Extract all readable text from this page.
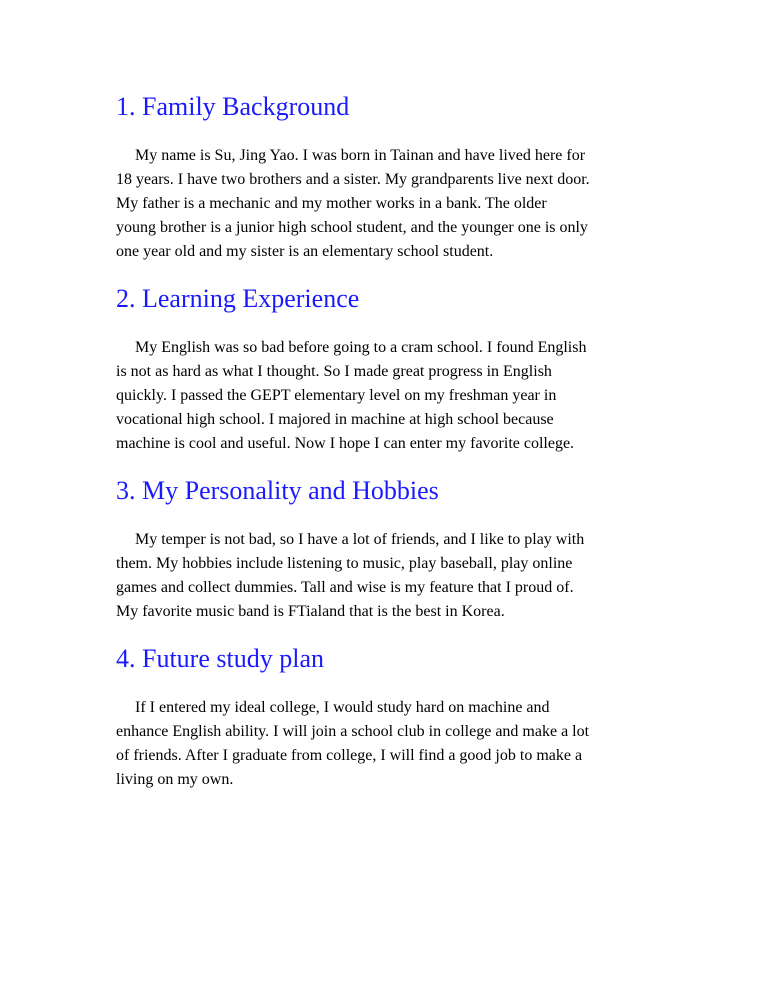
1. Family Background
My name is Su, Jing Yao. I was born in Tainan and have lived here for
18 years. I have two brothers and a sister. My grandparents live next door.
My father is a mechanic and my mother works in a bank. The older
young brother is a junior high school student, and the younger one is only
one year old and my sister is an elementary school student.
2. Learning Experience
My English was so bad before going to a cram school. I found English
is not as hard as what I thought. So I made great progress in English
quickly. I passed the GEPT elementary level on my freshman year in
vocational high school. I majored in machine at high school because
machine is cool and useful. Now I hope I can enter my favorite college.
3. My Personality and Hobbies
My temper is not bad, so I have a lot of friends, and I like to play with
them. My hobbies include listening to music, play baseball, play online
games and collect dummies. Tall and wise is my feature that I proud of.
My favorite music band is FTialand that is the best in Korea.
4. Future study plan
If I entered my ideal college, I would study hard on machine and
enhance English ability. I will join a school club in college and make a lot
of friends. After I graduate from college, I will find a good job to make a
living on my own.
